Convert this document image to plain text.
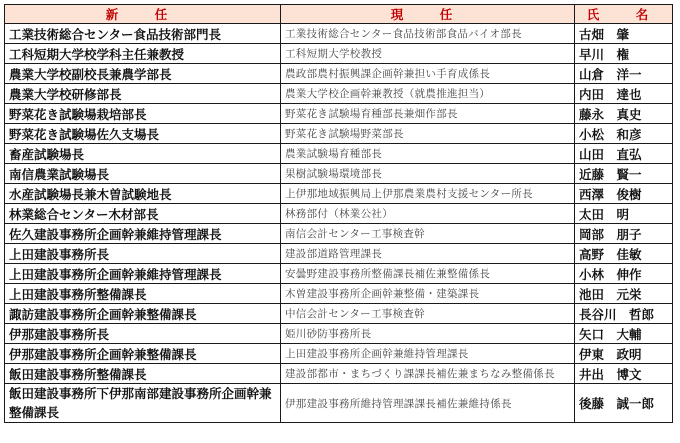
新　任	現　任	氏　名
工業技術総合センター食品技術部門長	工業技術総合センター食品技術部食品バイオ部長	古畑　肇
工科短期大学校学科主任兼教授	工科短期大学校教授	早川　権
農業大学校副校長兼農学部長	農政部農村振興課企画幹兼担い手育成係長	山倉　洋一
農業大学校研修部長	農業大学校企画幹兼教授（就農推進担当）	内田　達也
野菜花き試験場栽培部長	野菜花き試験場育種部長兼畑作部長	藤永　真史
野菜花き試験場佐久支場長	野菜花き試験場野菜部長	小松　和彦
畜産試験場長	農業試験場育種部長	山田　直弘
南信農業試験場長	果樹試験場環境部長	近藤　賢一
水産試験場長兼木曽試験地長	上伊那地域振興局上伊那農業農村支援センター所長	西澤　俊樹
林業総合センター木材部長	林務部付（林業公社）	太田　明
佐久建設事務所企画幹兼維持管理課長	南信会計センター工事検査幹	岡部　朋子
上田建設事務所長	建設部道路管理課長	高野　佳敏
上田建設事務所企画幹兼維持管理課長	安曇野建設事務所整備課長補佐兼整備係長	小林　伸作
上田建設事務所整備課長	木曽建設事務所企画幹兼整備・建築課長	池田　元栄
諏訪建設事務所企画幹兼整備課長	中信会計センター工事検査幹	長谷川　哲郎
伊那建設事務所長	姫川砂防事務所長	矢口　大輔
伊那建設事務所企画幹兼整備課長	上田建設事務所企画幹兼維持管理課長	伊東　政明
飯田建設事務所整備課長	建設部都市・まちづくり課課長補佐兼まちなみ整備係長	井出　博文
飯田建設事務所下伊那南部建設事務所企画幹兼整備課長	伊那建設事務所維持管理課課長補佐兼維持係長	後藤　誠一郎
